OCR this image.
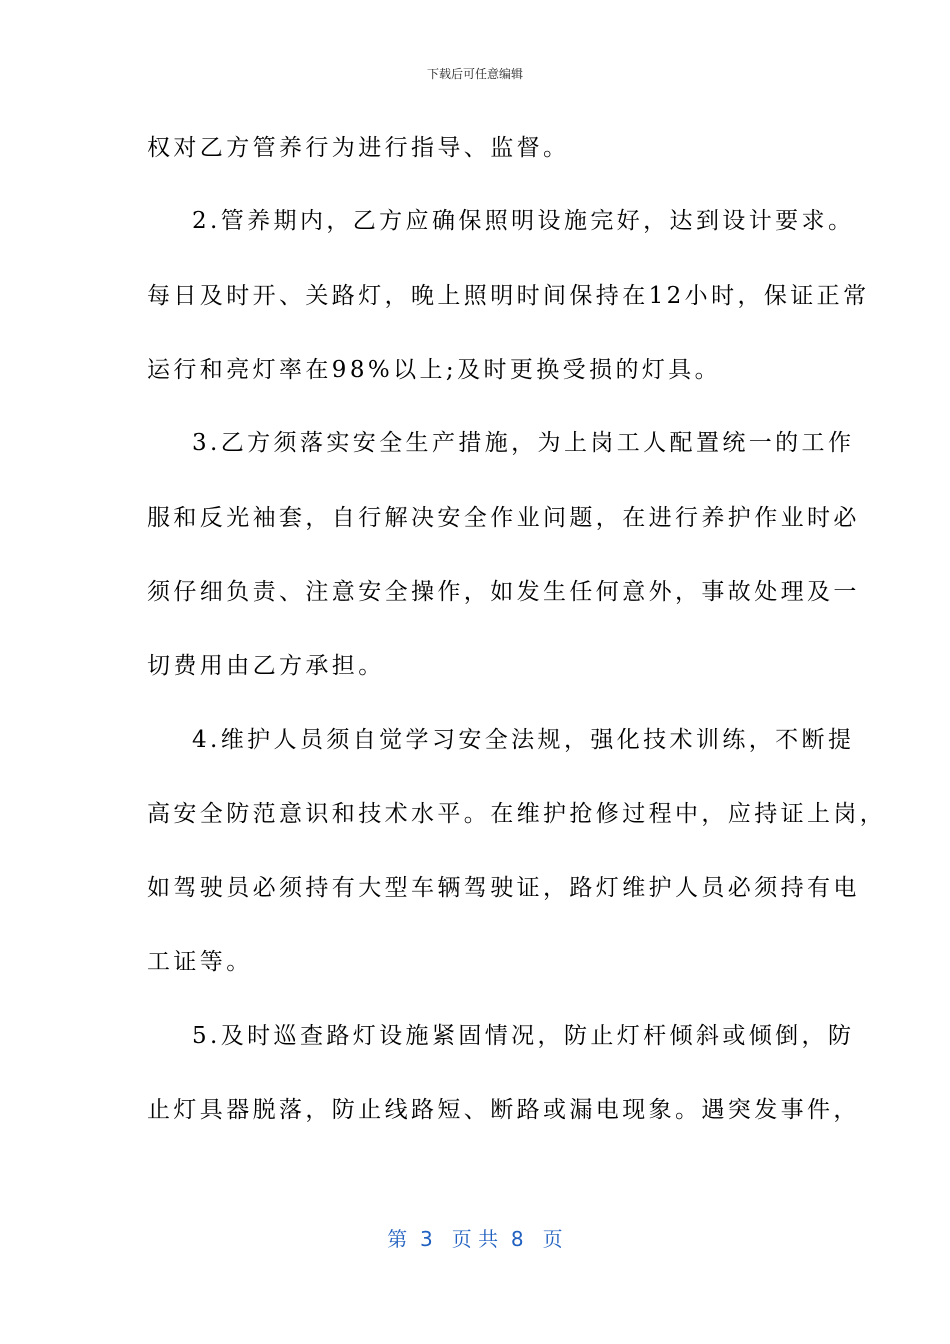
下载后可任意编辑
权对乙方管养行为进行指导、监督。
2.管养期内，乙方应确保照明设施完好，达到设计要求。
每日及时开、关路灯，晚上照明时间保持在12小时，保证正常
运行和亮灯率在98%以上;及时更换受损的灯具。
3.乙方须落实安全生产措施，为上岗工人配置统一的工作
服和反光袖套，自行解决安全作业问题，在进行养护作业时必
须仔细负责、注意安全操作，如发生任何意外，事故处理及一
切费用由乙方承担。
4.维护人员须自觉学习安全法规，强化技术训练，不断提
高安全防范意识和技术水平。在维护抢修过程中，应持证上岗，
如驾驶员必须持有大型车辆驾驶证，路灯维护人员必须持有电
工证等。
5.及时巡查路灯设施紧固情况，防止灯杆倾斜或倾倒，防
止灯具器脱落，防止线路短、断路或漏电现象。遇突发事件，
第  3   页 共  8   页
